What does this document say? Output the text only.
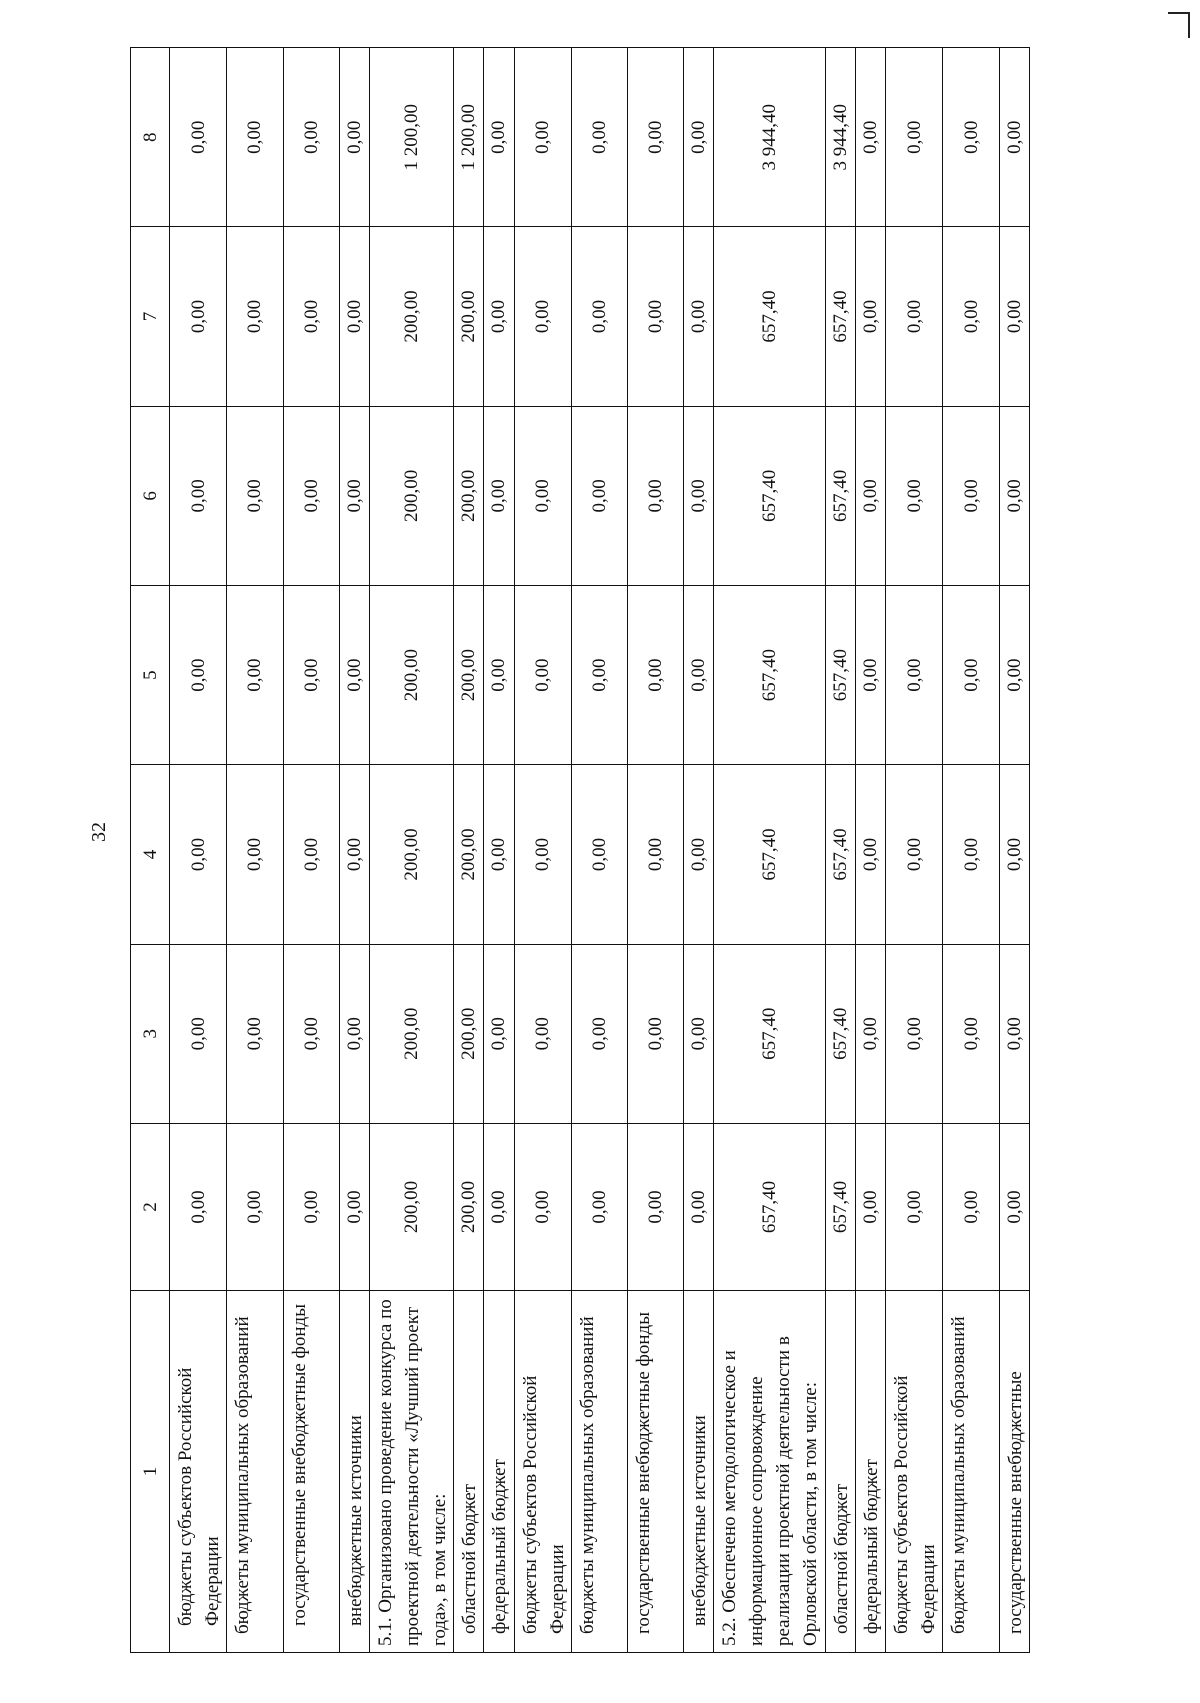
32
1	2	3	4	5	6	7	8
бюджеты субъектов Российской Федерации	0,00	0,00	0,00	0,00	0,00	0,00	0,00
бюджеты муниципальных образований	0,00	0,00	0,00	0,00	0,00	0,00	0,00
государственные внебюджетные фонды	0,00	0,00	0,00	0,00	0,00	0,00	0,00
внебюджетные источники	0,00	0,00	0,00	0,00	0,00	0,00	0,00
5.1. Организовано проведение конкурса по проектной деятельности «Лучший проект года», в том числе:	200,00	200,00	200,00	200,00	200,00	200,00	1 200,00
областной бюджет	200,00	200,00	200,00	200,00	200,00	200,00	1 200,00
федеральный бюджет	0,00	0,00	0,00	0,00	0,00	0,00	0,00
бюджеты субъектов Российской Федерации	0,00	0,00	0,00	0,00	0,00	0,00	0,00
бюджеты муниципальных образований	0,00	0,00	0,00	0,00	0,00	0,00	0,00
государственные внебюджетные фонды	0,00	0,00	0,00	0,00	0,00	0,00	0,00
внебюджетные источники	0,00	0,00	0,00	0,00	0,00	0,00	0,00
5.2. Обеспечено методологическое и информационное сопровождение реализации проектной деятельности в Орловской области, в том числе:	657,40	657,40	657,40	657,40	657,40	657,40	3 944,40
областной бюджет	657,40	657,40	657,40	657,40	657,40	657,40	3 944,40
федеральный бюджет	0,00	0,00	0,00	0,00	0,00	0,00	0,00
бюджеты субъектов Российской Федерации	0,00	0,00	0,00	0,00	0,00	0,00	0,00
бюджеты муниципальных образований	0,00	0,00	0,00	0,00	0,00	0,00	0,00
государственные внебюджетные	0,00	0,00	0,00	0,00	0,00	0,00	0,00
